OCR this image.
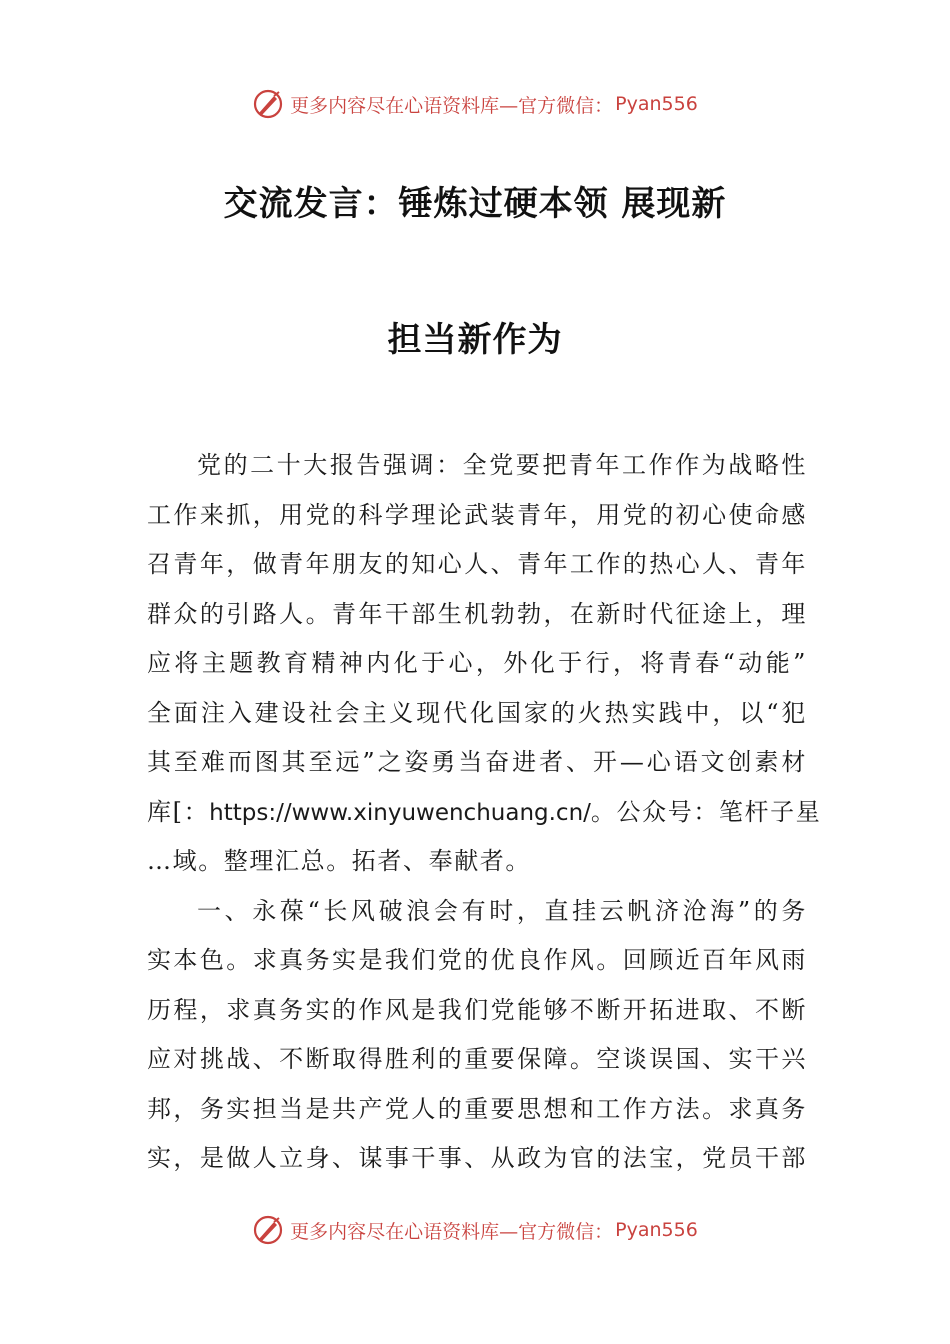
更多内容尽在心语资料库—官方微信： Pyan556
交流发言：锤炼过硬本领 展现新
担当新作为
党的二十大报告强调：全党要把青年工作作为战略性
工作来抓，用党的科学理论武装青年，用党的初心使命感
召青年，做青年朋友的知心人、青年工作的热心人、青年
群众的引路人。青年干部生机勃勃，在新时代征途上，理
应将主题教育精神内化于心，外化于行，将青春“动能”
全面注入建设社会主义现代化国家的火热实践中，以“犯
其至难而图其至远”之姿勇当奋进者、开—心语文创素材
库[：https://www.xinyuwenchuang.cn/。公众号：笔杆子星
…域。整理汇总。拓者、奉献者。
一、永葆“长风破浪会有时，直挂云帆济沧海”的务
实本色。求真务实是我们党的优良作风。回顾近百年风雨
历程，求真务实的作风是我们党能够不断开拓进取、不断
应对挑战、不断取得胜利的重要保障。空谈误国、实干兴
邦，务实担当是共产党人的重要思想和工作方法。求真务
实，是做人立身、谋事干事、从政为官的法宝，党员干部
更多内容尽在心语资料库—官方微信： Pyan556
